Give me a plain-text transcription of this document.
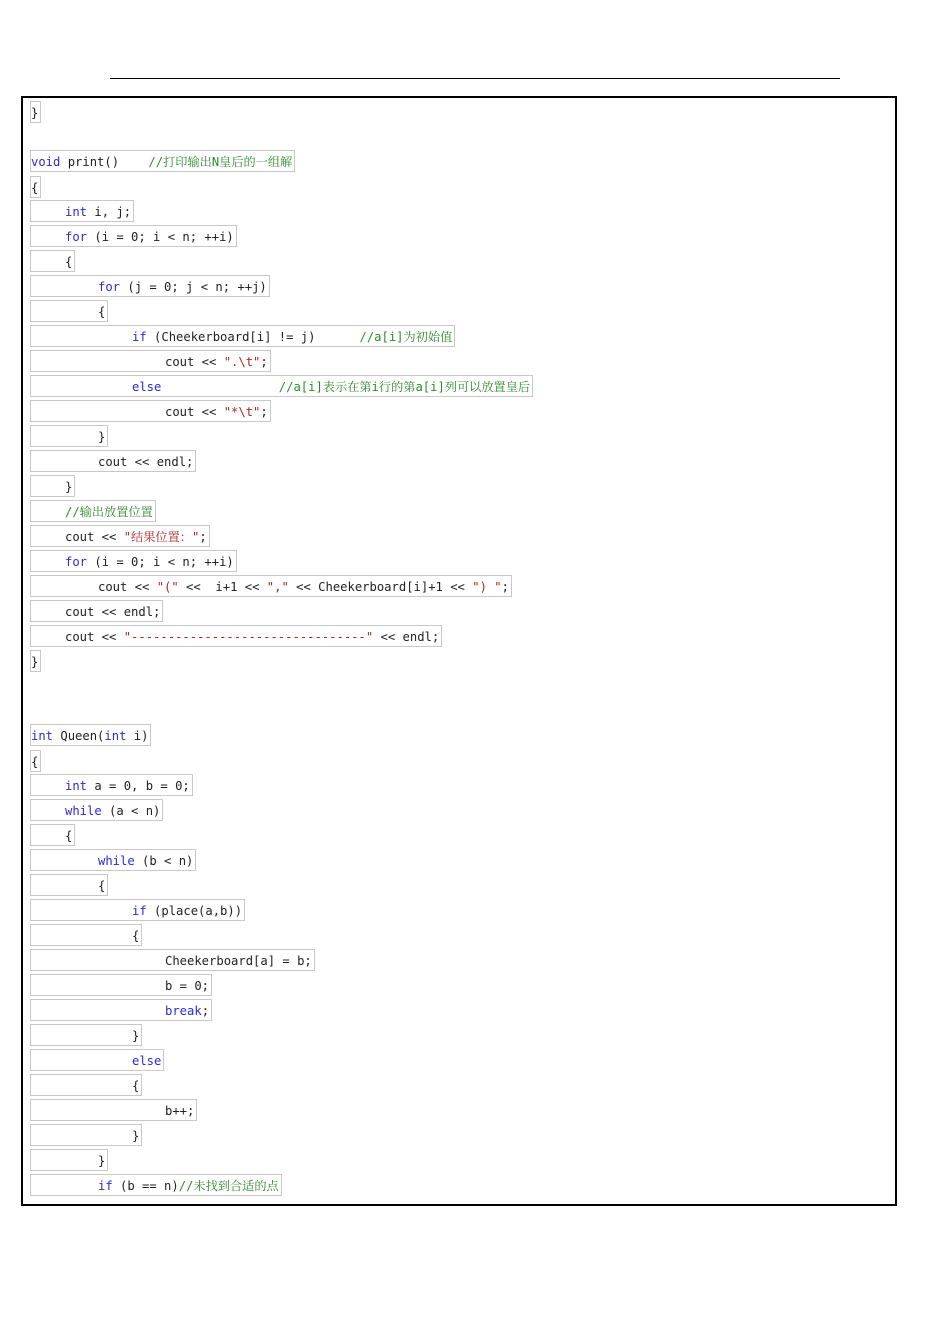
}
void print()    //打印输出N皇后的一组解
{
int i, j;
for (i = 0; i < n; ++i)
{
for (j = 0; j < n; ++j)
{
if (Cheekerboard[i] != j)      //a[i]为初始值
cout << ".\t";
else	//a[i]表示在第i行的第a[i]列可以放置皇后
cout << "*\t";
}
cout << endl;
}
//输出放置位置
cout << "结果位置：";
for (i = 0; i < n; ++i)
cout << "(" <<  i+1 << "," << Cheekerboard[i]+1 << ") ";
cout << endl;
cout << "--------------------------------" << endl;
}
int Queen(int i)
{
int a = 0, b = 0;
while (a < n)
{
while (b < n)
{
if (place(a,b))
{
Cheekerboard[a] = b;
b = 0;
break;
}
else
{
b++;
}
}
if (b == n)//未找到合适的点
